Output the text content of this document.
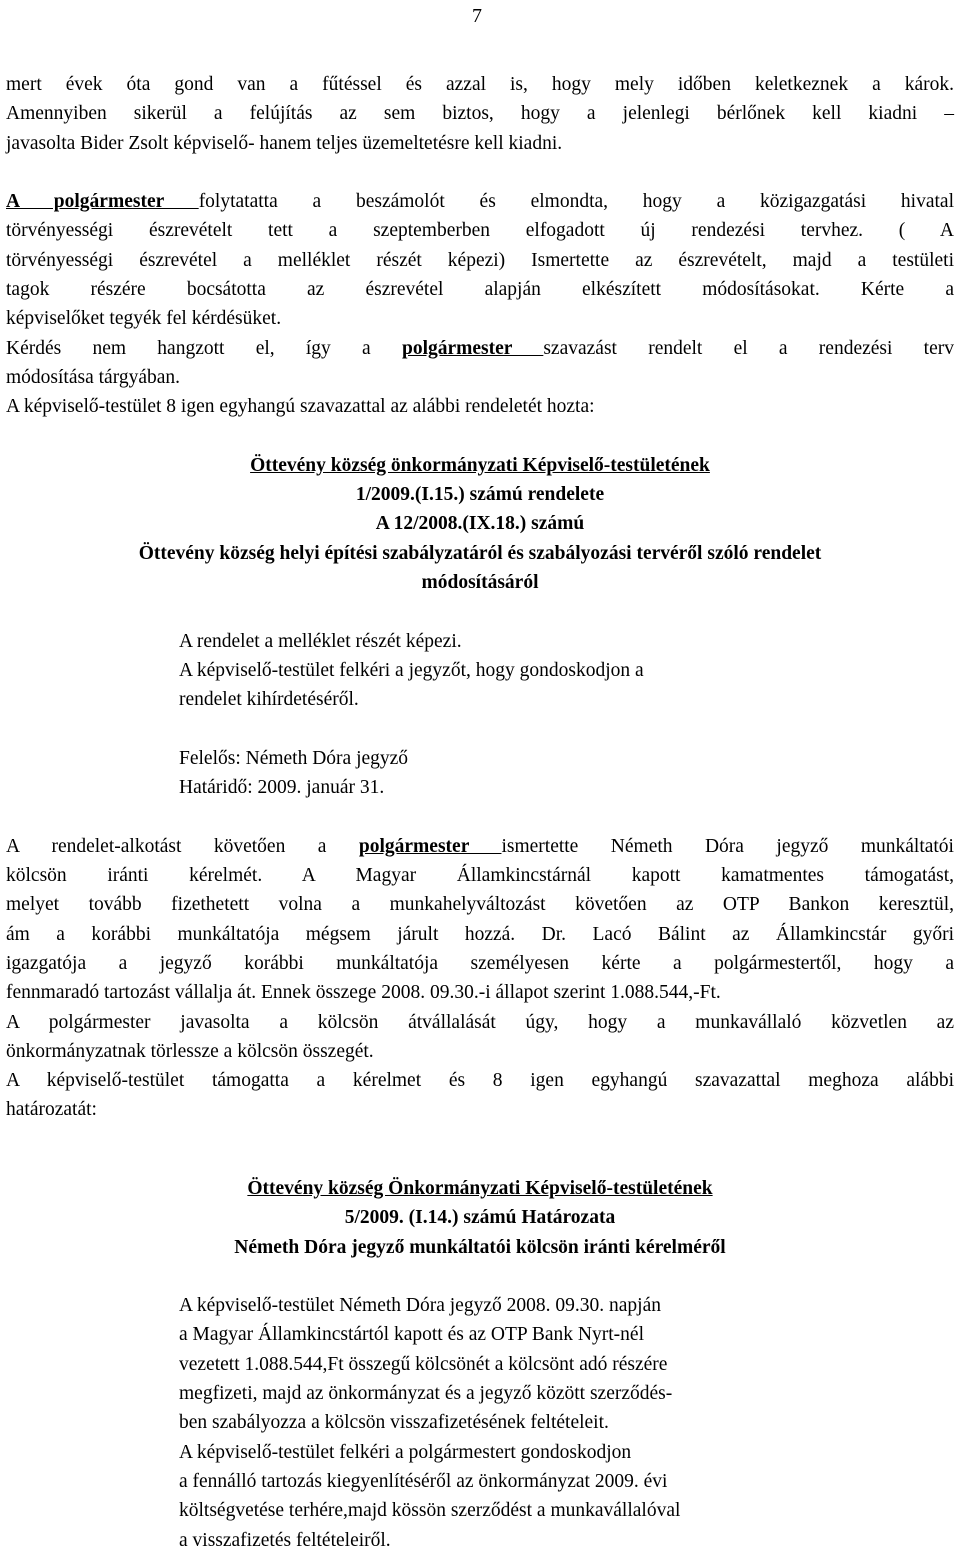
7

mert évek óta gond van a fűtéssel és azzal is, hogy mely időben keletkeznek a károk.

Amennyiben sikerül a felújítás az sem biztos, hogy a jelenlegi bérlőnek kell kiadni –

javasolta Bider Zsolt képviselő- hanem teljes üzemeltetésre kell kiadni.

A polgármester folytatatta a beszámolót és elmondta, hogy a közigazgatási hivatal

törvényességi észrevételt tett a szeptemberben elfogadott új rendezési tervhez. ( A

törvényességi észrevétel a melléklet részét képezi) Ismertette az észrevételt, majd a testületi

tagok részére bocsátotta az észrevétel alapján elkészített módosításokat. Kérte a

képviselőket tegyék fel kérdésüket.

Kérdés nem hangzott el, így a polgármester szavazást rendelt el a rendezési terv

módosítása tárgyában.

A képviselő-testület 8 igen egyhangú szavazattal az alábbi rendeletét hozta:

Öttevény község önkormányzati Képviselő-testületének

1/2009.(I.15.) számú rendelete

A 12/2008.(IX.18.) számú

Öttevény község helyi építési szabályzatáról és szabályozási tervéről szóló rendelet

módosításáról

A rendelet a melléklet részét képezi.

A képviselő-testület felkéri a jegyzőt, hogy gondoskodjon a

rendelet kihírdetéséről.

Felelős: Németh Dóra jegyző

Határidő: 2009. január 31.

A rendelet-alkotást követően a polgármester ismertette Németh Dóra jegyző munkáltatói

kölcsön iránti kérelmét. A Magyar Államkincstárnál kapott kamatmentes támogatást,

melyet tovább fizethetett volna a munkahelyváltozást követően az OTP Bankon keresztül,

ám a korábbi munkáltatója mégsem járult hozzá. Dr. Lacó Bálint az Államkincstár győri

igazgatója a jegyző korábbi munkáltatója személyesen kérte a polgármestertől, hogy a

fennmaradó tartozást vállalja át. Ennek összege 2008. 09.30.-i állapot szerint 1.088.544,-Ft.

A polgármester javasolta a kölcsön átvállalását úgy, hogy a munkavállaló közvetlen az

önkormányzatnak törlessze a kölcsön összegét.

A képviselő-testület támogatta a kérelmet és 8 igen egyhangú szavazattal meghoza alábbi

határozatát:

Öttevény község Önkormányzati Képviselő-testületének

5/2009. (I.14.) számú Határozata

Németh Dóra jegyző munkáltatói kölcsön iránti kérelméről

A képviselő-testület Németh Dóra jegyző 2008. 09.30. napján

a Magyar Államkincstártól kapott és az OTP Bank Nyrt-nél

vezetett 1.088.544,Ft összegű kölcsönét a kölcsönt adó részére

megfizeti, majd az önkormányzat és a jegyző között szerződés-

ben szabályozza a kölcsön visszafizetésének feltételeit.

A képviselő-testület felkéri a polgármestert gondoskodjon

a fennálló tartozás kiegyenlítéséről az önkormányzat 2009. évi

költségvetése terhére,majd kössön szerződést a munkavállalóval

a visszafizetés feltételeiről.
